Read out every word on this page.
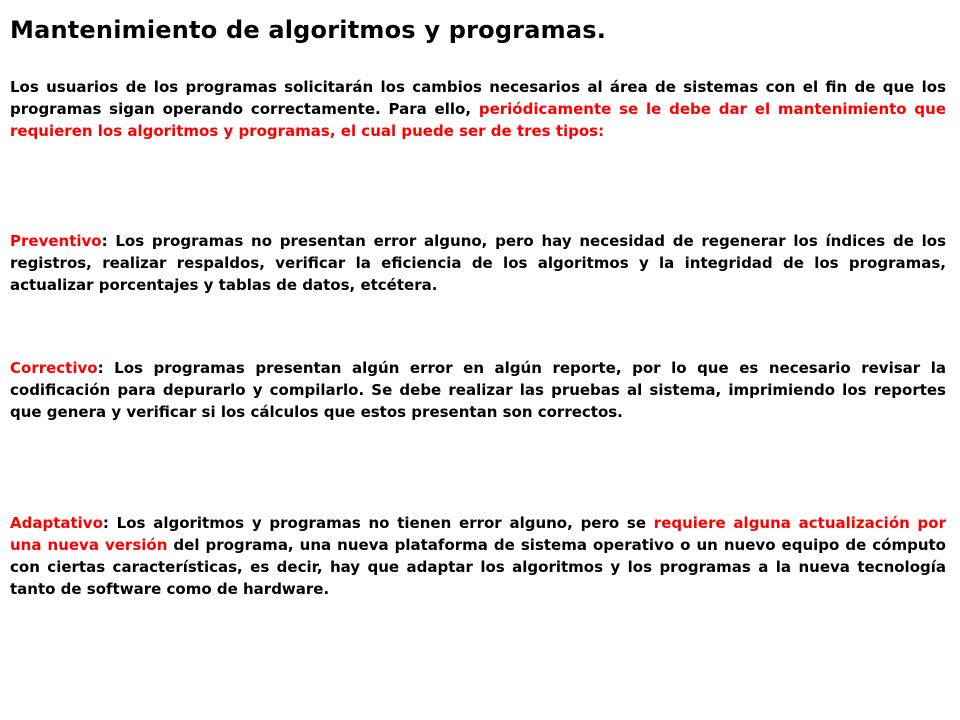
Mantenimiento de algoritmos y programas.

Los usuarios de los programas solicitarán los cambios necesarios al área de sistemas con el fin de que los programas sigan operando correctamente. Para ello, periódicamente se le debe dar el mantenimiento que requieren los algoritmos y programas, el cual puede ser de tres tipos:

Preventivo: Los programas no presentan error alguno, pero hay necesidad de regenerar los índices de los registros, realizar respaldos, verificar la eficiencia de los algoritmos y la integridad de los programas, actualizar porcentajes y tablas de datos, etcétera.

Correctivo: Los programas presentan algún error en algún reporte, por lo que es necesario revisar la codificación para depurarlo y compilarlo. Se debe realizar las pruebas al sistema, imprimiendo los reportes que genera y verificar si los cálculos que estos presentan son correctos.

Adaptativo: Los algoritmos y programas no tienen error alguno, pero se requiere alguna actualización por una nueva versión del programa, una nueva plataforma de sistema operativo o un nuevo equipo de cómputo con ciertas características, es decir, hay que adaptar los algoritmos y los programas a la nueva tecnología tanto de software como de hardware.
